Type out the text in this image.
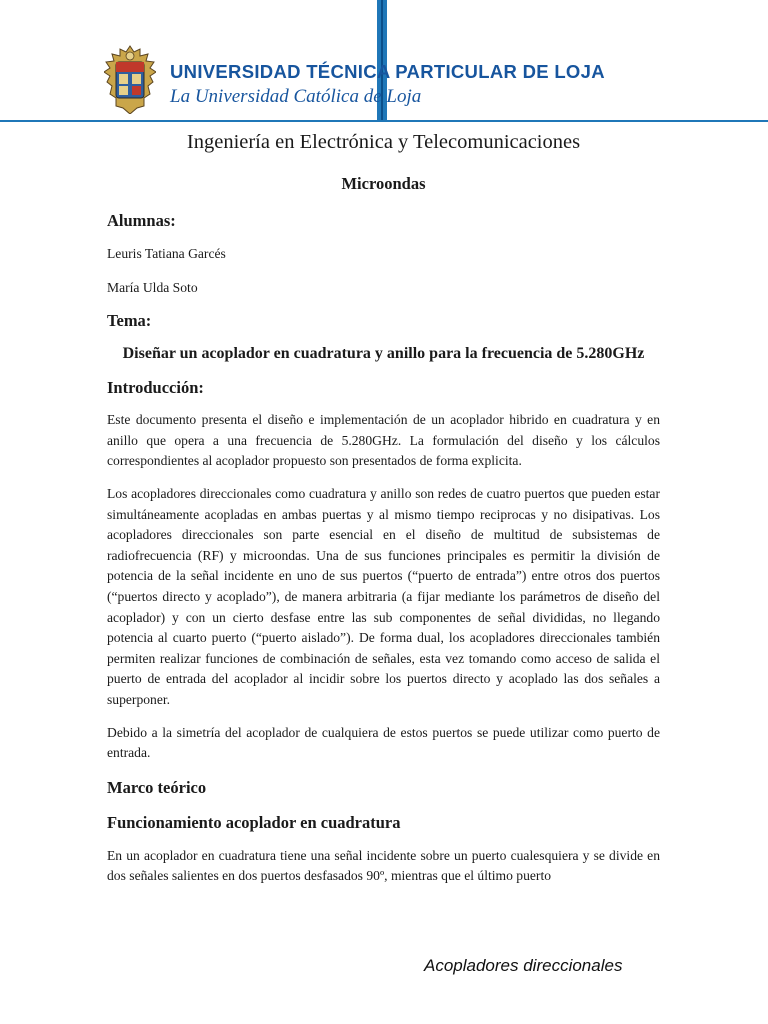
UNIVERSIDAD TÉCNICA PARTICULAR DE LOJA
La Universidad Católica de Loja
Ingeniería en Electrónica y Telecomunicaciones
Microondas
Alumnas:
Leuris Tatiana Garcés
María Ulda Soto
Tema:
Diseñar un acoplador en cuadratura y anillo para la frecuencia de 5.280GHz
Introducción:
Este documento presenta el diseño e implementación de un acoplador hibrido en cuadratura y en anillo que opera a una frecuencia de 5.280GHz. La formulación del diseño y los cálculos correspondientes al acoplador propuesto son presentados de forma explicita.
Los acopladores direccionales como cuadratura y anillo son redes de cuatro puertos que pueden estar simultáneamente acopladas en ambas puertas y al mismo tiempo reciprocas y no disipativas. Los acopladores direccionales son parte esencial en el diseño de multitud de subsistemas de radiofrecuencia (RF) y microondas. Una de sus funciones principales es permitir la división de potencia de la señal incidente en uno de sus puertos (“puerto de entrada”) entre otros dos puertos (“puertos directo y acoplado”), de manera arbitraria (a fijar mediante los parámetros de diseño del acoplador) y con un cierto desfase entre las sub componentes de señal divididas, no llegando potencia al cuarto puerto (“puerto aislado”). De forma dual, los acopladores direccionales también permiten realizar funciones de combinación de señales, esta vez tomando como acceso de salida el puerto de entrada del acoplador al incidir sobre los puertos directo y acoplado las dos señales a superponer.
Debido a la simetría del acoplador de cualquiera de estos puertos se puede utilizar como puerto de entrada.
Marco teórico
Funcionamiento acoplador en cuadratura
En un acoplador en cuadratura tiene una señal incidente sobre un puerto cualesquiera y se divide en dos señales salientes en dos puertos desfasados 90º, mientras que el último puerto
Acopladores direccionales
